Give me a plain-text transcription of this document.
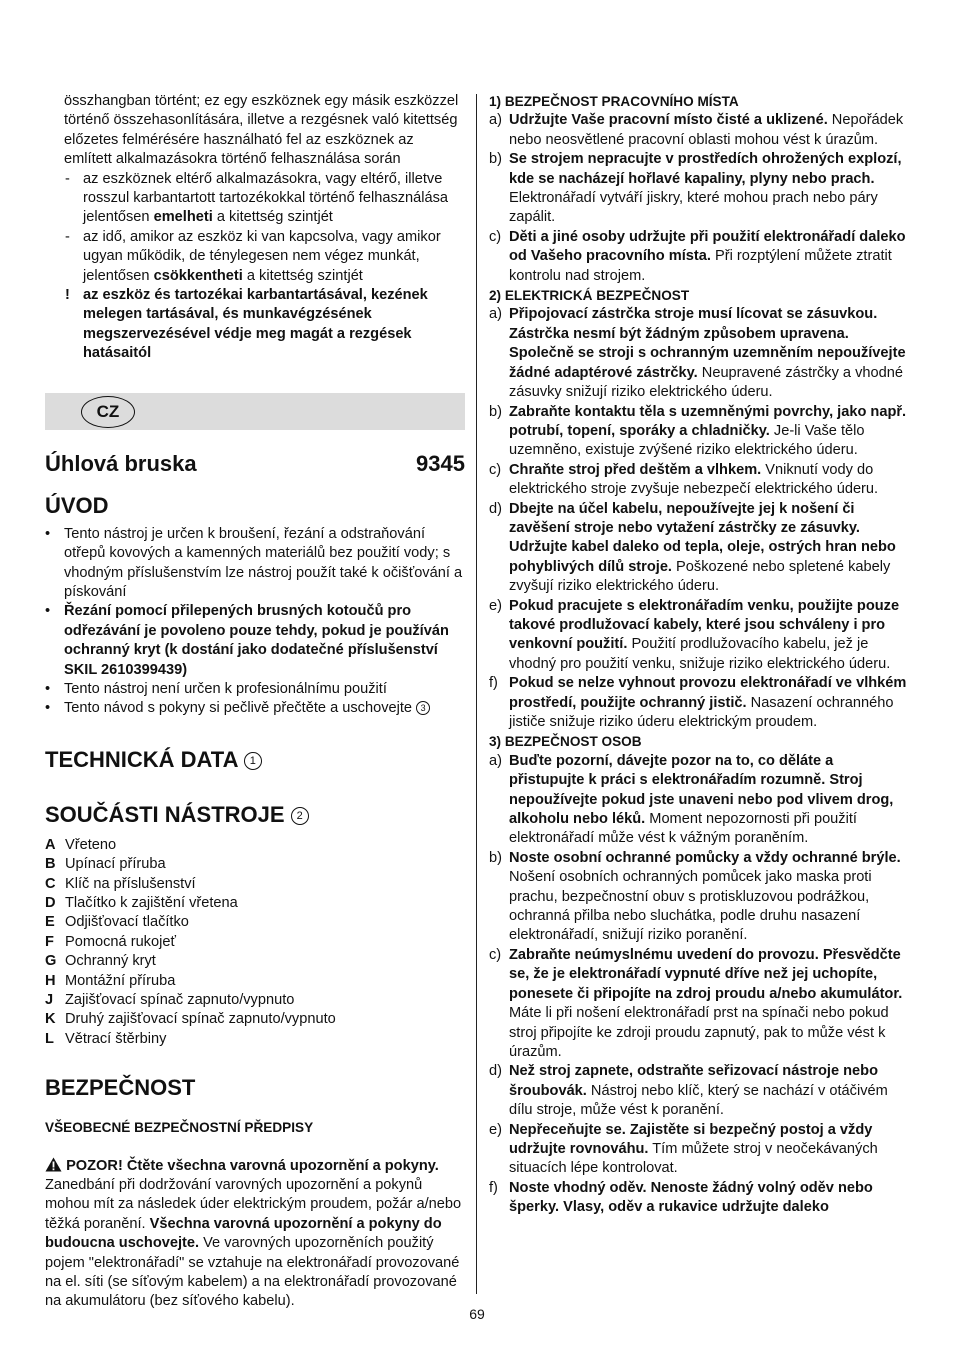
összhangban történt; ez egy eszköznek egy másik eszközzel történő összehasonlítására, illetve a rezgésnek való kitettség előzetes felmérésére használható fel az eszköznek az említett alkalmazásokra történő felhasználása során

- az eszköznek eltérő alkalmazásokra, vagy eltérő, illetve rosszul karbantartott tartozékokkal történő felhasználása jelentősen emelheti a kitettség szintjét
- az idő, amikor az eszköz ki van kapcsolva, vagy amikor ugyan működik, de ténylegesen nem végez munkát, jelentősen csökkentheti a kitettség szintjét
! az eszköz és tartozékai karbantartásával, kezének melegen tartásával, és munkavégzésének megszervezésével védje meg magát a rezgések hatásaitól
CZ
Úhlová bruska	9345
ÚVOD
• Tento nástroj je určen k broušení, řezání a odstraňování otřepů kovových a kamenných materiálů bez použití vody; s vhodným příslušenstvím lze nástroj použít také k očišťování a pískování
• Řezání pomocí přilepených brusných kotoučů pro odřezávání je povoleno pouze tehdy, pokud je používán ochranný kryt (k dostání jako dodatečné příslušenství SKIL 2610399439)
• Tento nástroj není určen k profesionálnímu použití
• Tento návod s pokyny si pečlivě přečtěte a uschovejte 3
TECHNICKÁ DATA 1
SOUČÁSTI NÁSTROJE 2
A Vřeteno
B Upínací příruba
C Klíč na příslušenství
D Tlačítko k zajištění vřetena
E Odjišťovací tlačítko
F Pomocná rukojeť
G Ochranný kryt
H Montážní příruba
J Zajišťovací spínač zapnuto/vypnuto
K Druhý zajišťovací spínač zapnuto/vypnuto
L Větrací štěrbiny
BEZPEČNOST

VŠEOBECNÉ BEZPEČNOSTNÍ PŘEDPISY

POZOR! Čtěte všechna varovná upozornění a pokyny. Zanedbání při dodržování varovných upozornění a pokynů mohou mít za následek úder elektrickým proudem, požár a/nebo těžká poranění. Všechna varovná upozornění a pokyny do budoucna uschovejte. Ve varovných upozorněních použitý pojem "elektronářadí" se vztahuje na elektronářadí provozované na el. síti (se síťovým kabelem) a na elektronářadí provozované na akumulátoru (bez síťového kabelu).

1) BEZPEČNOST PRACOVNÍHO MÍSTA

a) Udržujte Vaše pracovní místo čisté a uklizené. Nepořádek nebo neosvětlené pracovní oblasti mohou vést k úrazům.
b) Se strojem nepracujte v prostředích ohrožených explozí, kde se nacházejí hořlavé kapaliny, plyny nebo prach. Elektronářadí vytváří jiskry, které mohou prach nebo páry zapálit.
c) Děti a jiné osoby udržujte při použití elektronářadí daleko od Vašeho pracovního místa. Při rozptýlení můžete ztratit kontrolu nad strojem.

2) ELEKTRICKÁ BEZPEČNOST

a) Připojovací zástrčka stroje musí lícovat se zásuvkou. Zástrčka nesmí být žádným způsobem upravena. Společně se stroji s ochranným uzemněním nepoužívejte žádné adaptérové zástrčky. Neupravené zástrčky a vhodné zásuvky snižují riziko elektrického úderu.
b) Zabraňte kontaktu těla s uzemněnými povrchy, jako např. potrubí, topení, sporáky a chladničky. Je-li Vaše tělo uzemněno, existuje zvýšené riziko elektrického úderu.
c) Chraňte stroj před deštěm a vlhkem. Vniknutí vody do elektrického stroje zvyšuje nebezpečí elektrického úderu.
d) Dbejte na účel kabelu, nepoužívejte jej k nošení či zavěšení stroje nebo vytažení zástrčky ze zásuvky. Udržujte kabel daleko od tepla, oleje, ostrých hran nebo pohyblivých dílů stroje. Poškozené nebo spletené kabely zvyšují riziko elektrického úderu.
e) Pokud pracujete s elektronářadím venku, použijte pouze takové prodlužovací kabely, které jsou schváleny i pro venkovní použití. Použití prodlužovacího kabelu, jež je vhodný pro použití venku, snižuje riziko elektrického úderu.
f) Pokud se nelze vyhnout provozu elektronářadí ve vlhkém prostředí, použijte ochranný jistič. Nasazení ochranného jističe snižuje riziko úderu elektrickým proudem.

3) BEZPEČNOST OSOB

a) Buďte pozorní, dávejte pozor na to, co děláte a přistupujte k práci s elektronářadím rozumně. Stroj nepoužívejte pokud jste unaveni nebo pod vlivem drog, alkoholu nebo léků. Moment nepozornosti při použití elektronářadí může vést k vážným poraněním.
b) Noste osobní ochranné pomůcky a vždy ochranné brýle. Nošení osobních ochranných pomůcek jako maska proti prachu, bezpečnostní obuv s protiskluzovou podrážkou, ochranná přilba nebo sluchátka, podle druhu nasazení elektronářadí, snižují riziko poranění.
c) Zabraňte neúmyslnému uvedení do provozu. Přesvědčte se, že je elektronářadí vypnuté dříve než jej uchopíte, ponesete či připojíte na zdroj proudu a/nebo akumulátor. Máte li při nošení elektronářadí prst na spínači nebo pokud stroj připojíte ke zdroji proudu zapnutý, pak to může vést k úrazům.
d) Než stroj zapnete, odstraňte seřizovací nástroje nebo šroubovák. Nástroj nebo klíč, který se nachází v otáčivém dílu stroje, může vést k poranění.
e) Nepřeceňujte se. Zajistěte si bezpečný postoj a vždy udržujte rovnováhu. Tím můžete stroj v neočekávaných situacích lépe kontrolovat.
f) Noste vhodný oděv. Nenoste žádný volný oděv nebo šperky. Vlasy, oděv a rukavice udržujte daleko
69
